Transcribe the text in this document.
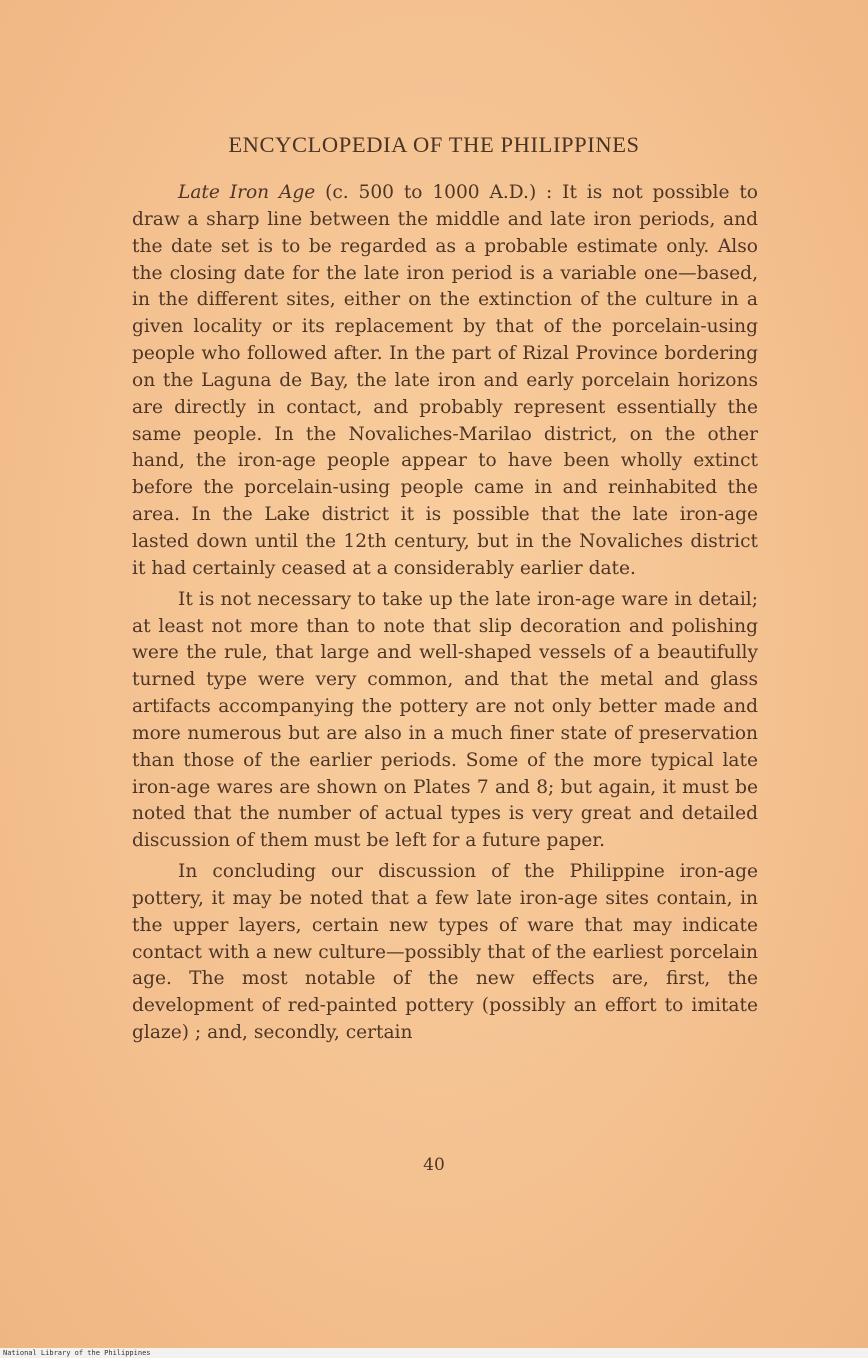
ENCYCLOPEDIA OF THE PHILIPPINES

Late Iron Age (c. 500 to 1000 A.D.) : It is not possible to draw a sharp line between the middle and late iron periods, and the date set is to be regarded as a probable estimate only. Also the closing date for the late iron period is a variable one—based, in the different sites, either on the extinction of the culture in a given locality or its replacement by that of the porcelain-using people who followed after. In the part of Rizal Province bordering on the Laguna de Bay, the late iron and early porcelain horizons are directly in contact, and probably represent essentially the same people. In the Novaliches-Marilao district, on the other hand, the iron-age people appear to have been wholly extinct before the porcelain-using people came in and reinhabited the area. In the Lake district it is possible that the late iron-age lasted down until the 12th century, but in the Novaliches district it had certainly ceased at a considerably earlier date.

It is not necessary to take up the late iron-age ware in detail; at least not more than to note that slip decoration and polishing were the rule, that large and well-shaped vessels of a beautifully turned type were very common, and that the metal and glass artifacts accompanying the pottery are not only better made and more numerous but are also in a much finer state of preservation than those of the earlier periods. Some of the more typical late iron-age wares are shown on Plates 7 and 8; but again, it must be noted that the number of actual types is very great and detailed discussion of them must be left for a future paper.

In concluding our discussion of the Philippine iron-age pottery, it may be noted that a few late iron-age sites contain, in the upper layers, certain new types of ware that may indicate contact with a new culture—possibly that of the earliest porcelain age. The most notable of the new effects are, first, the development of red-painted pottery (possibly an effort to imitate glaze) ; and, secondly, certain

40
National Library of the Philippines
